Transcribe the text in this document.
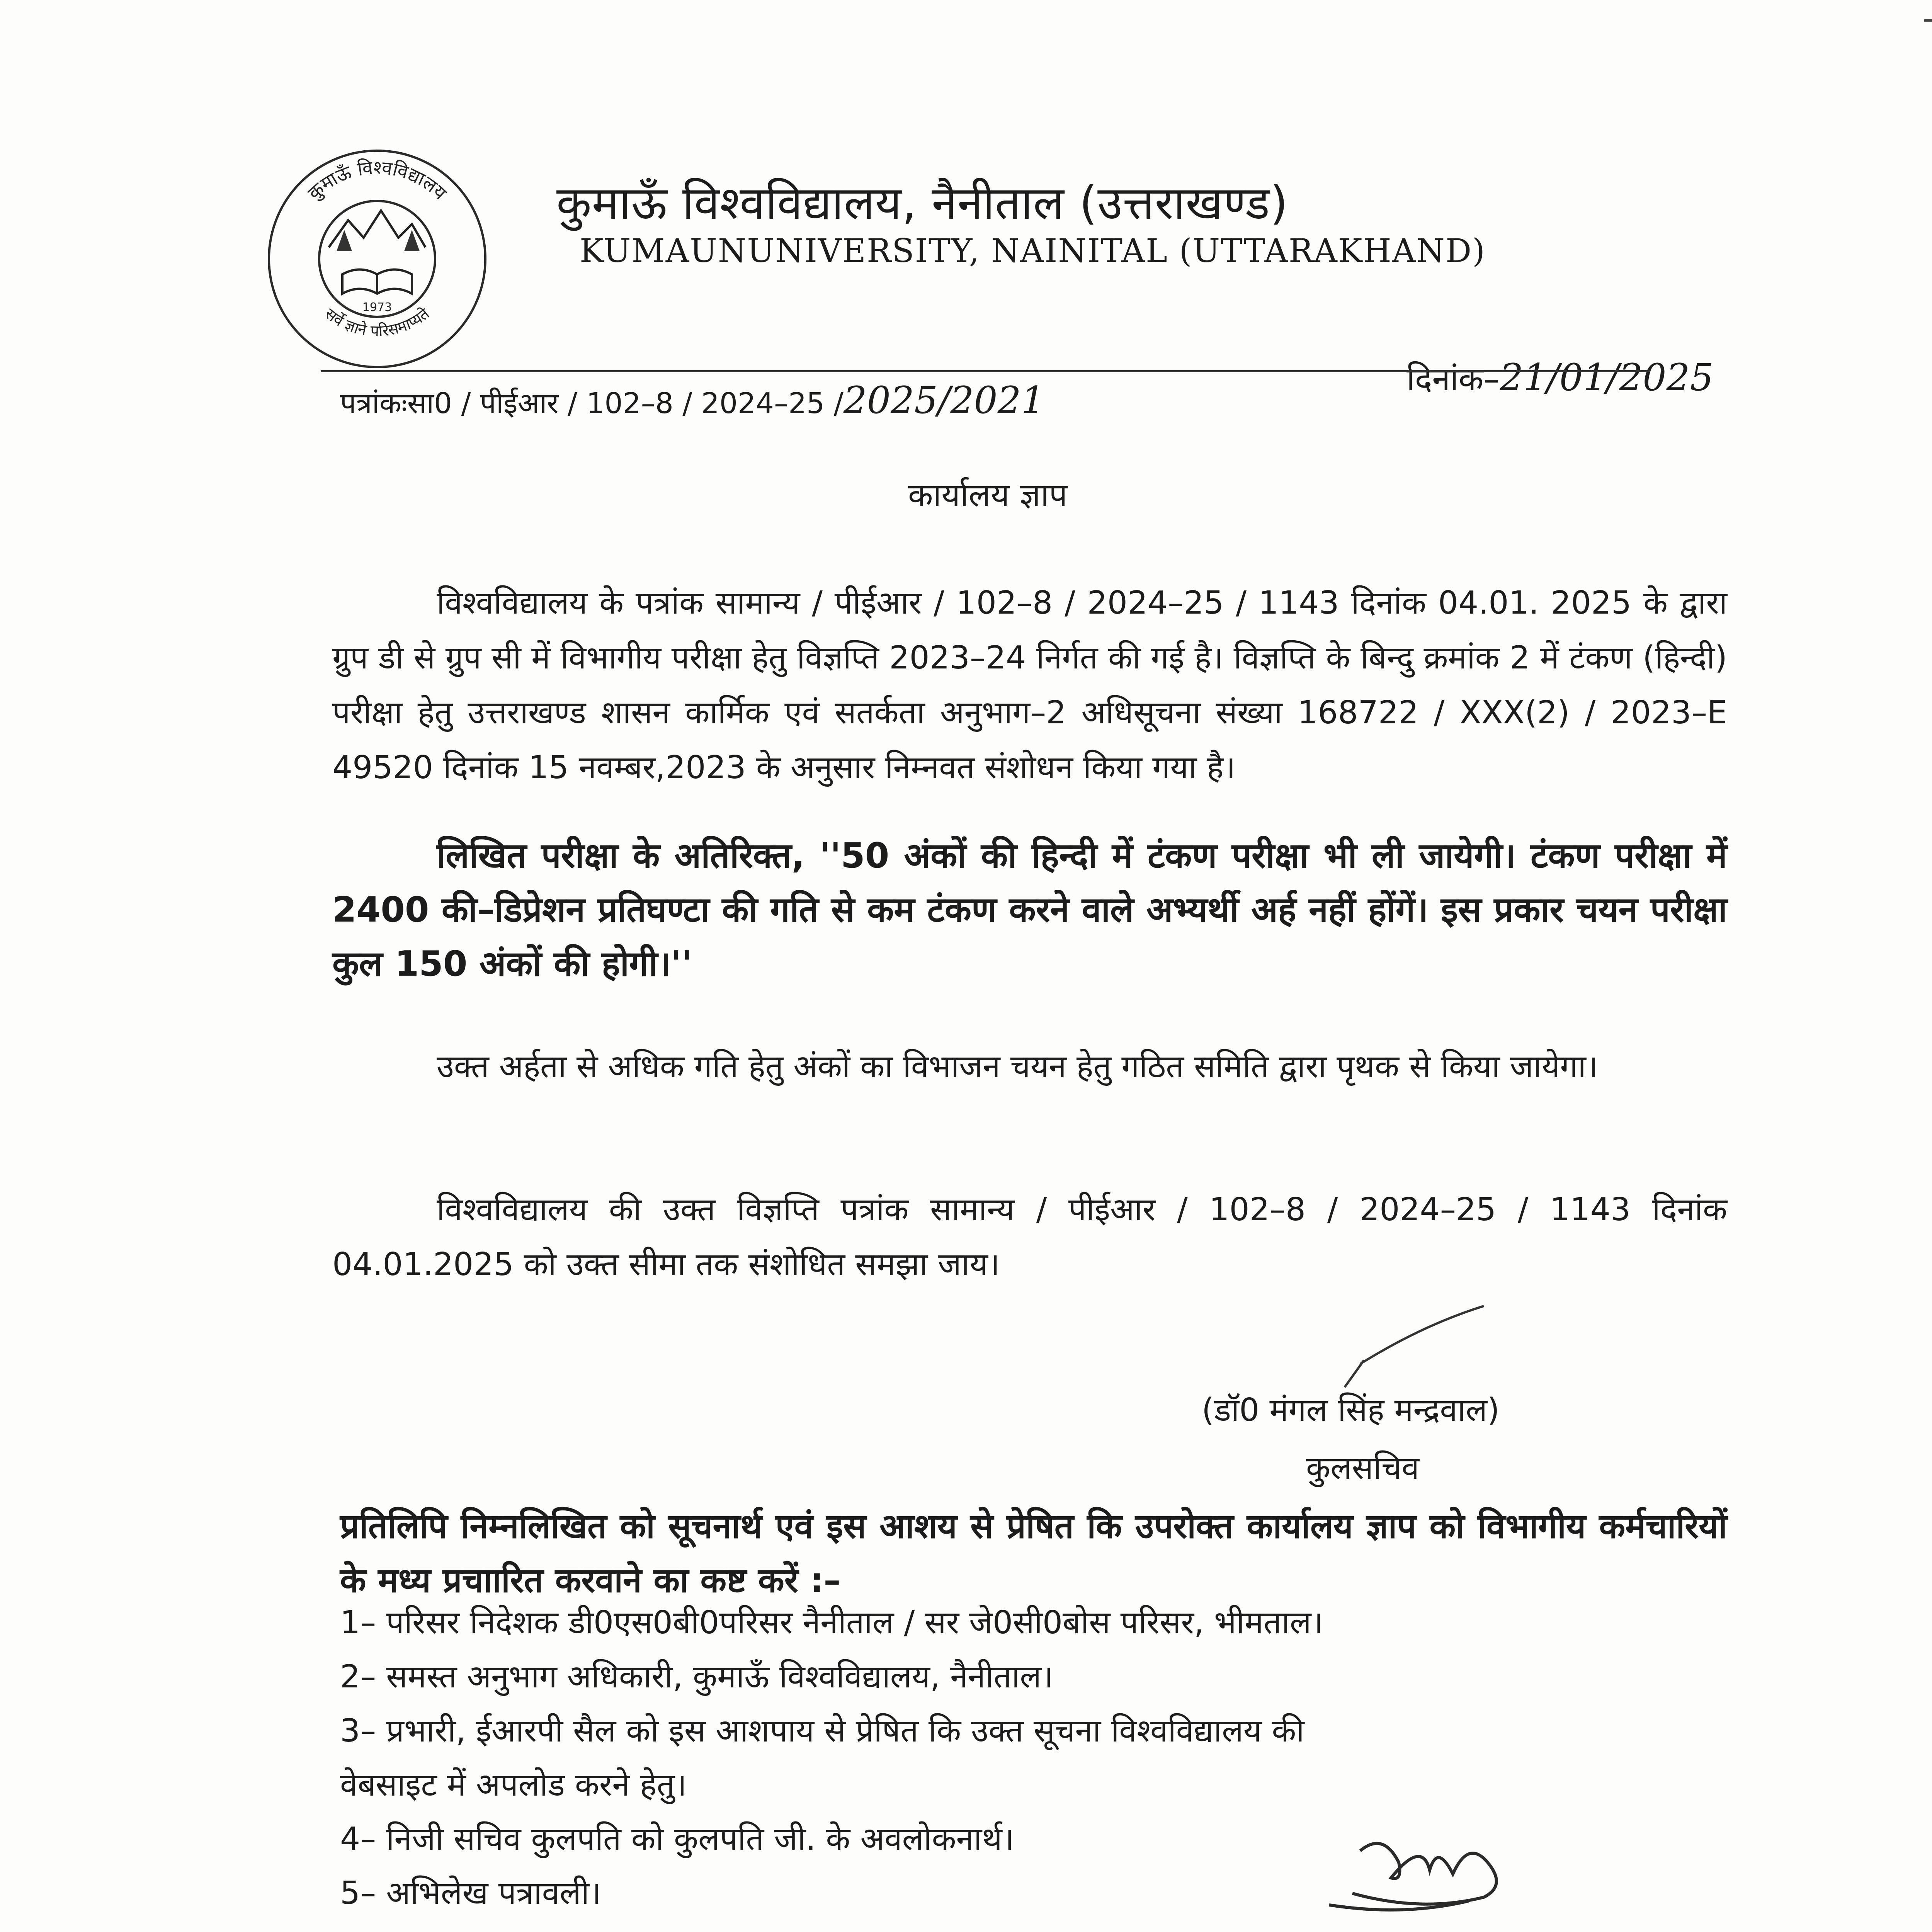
कुमाऊँ विश्वविद्यालय
सर्वे ज्ञाने परिसमाप्यते
1973
कुमाऊँ विश्वविद्यालय, नैनीताल (उत्तराखण्ड)
KUMAUNUNIVERSITY, NAINITAL (UTTARAKHAND)
दिनांक–21/01/2025
पत्रांकःसा0 / पीईआर / 102–8 / 2024–25 /2025/2021
कार्यालय ज्ञाप
विश्वविद्यालय के पत्रांक सामान्य / पीईआर / 102–8 / 2024–25 / 1143 दिनांक 04.01. 2025 के द्वारा ग्रुप डी से ग्रुप सी में विभागीय परीक्षा हेतु विज्ञप्ति 2023–24 निर्गत की गई है। विज्ञप्ति के बिन्दु क्रमांक 2 में टंकण (हिन्दी) परीक्षा हेतु उत्तराखण्ड शासन कार्मिक एवं सतर्कता अनुभाग–2 अधिसूचना संख्या 168722 / XXX(2) / 2023–E 49520 दिनांक 15 नवम्बर,2023 के अनुसार निम्नवत संशोधन किया गया है।
लिखित परीक्षा के अतिरिक्त, ''50 अंकों की हिन्दी में टंकण परीक्षा भी ली जायेगी। टंकण परीक्षा में 2400 की–डिप्रेशन प्रतिघण्टा की गति से कम टंकण करने वाले अभ्यर्थी अर्ह नहीं होंगें। इस प्रकार चयन परीक्षा कुल 150 अंकों की होगी।''
उक्त अर्हता से अधिक गति हेतु अंकों का विभाजन चयन हेतु गठित समिति द्वारा पृथक से किया जायेगा।
विश्वविद्यालय की उक्त विज्ञप्ति पत्रांक सामान्य / पीईआर / 102–8 / 2024–25 / 1143 दिनांक 04.01.2025 को उक्त सीमा तक संशोधित समझा जाय।
(डॉ0 मंगल सिंह मन्द्रवाल)
कुलसचिव
प्रतिलिपि निम्नलिखित को सूचनार्थ एवं इस आशय से प्रेषित कि उपरोक्त कार्यालय ज्ञाप को विभागीय कर्मचारियों के मध्य प्रचाारित करवाने का कष्ट करें :–
1– परिसर निदेशक डी0एस0बी0परिसर नैनीताल / सर जे0सी0बोस परिसर, भीमताल।
2– समस्त अनुभाग अधिकारी, कुमाऊँ विश्वविद्यालय, नैनीताल।
3– प्रभारी, ईआरपी सैल को इस आशपाय से प्रेषित कि उक्त सूचना विश्वविद्यालय की
वेबसाइट में अपलोड करने हेतु।
4– निजी सचिव कुलपति को कुलपति जी. के अवलोकनार्थ।
5– अभिलेख पत्रावली।
